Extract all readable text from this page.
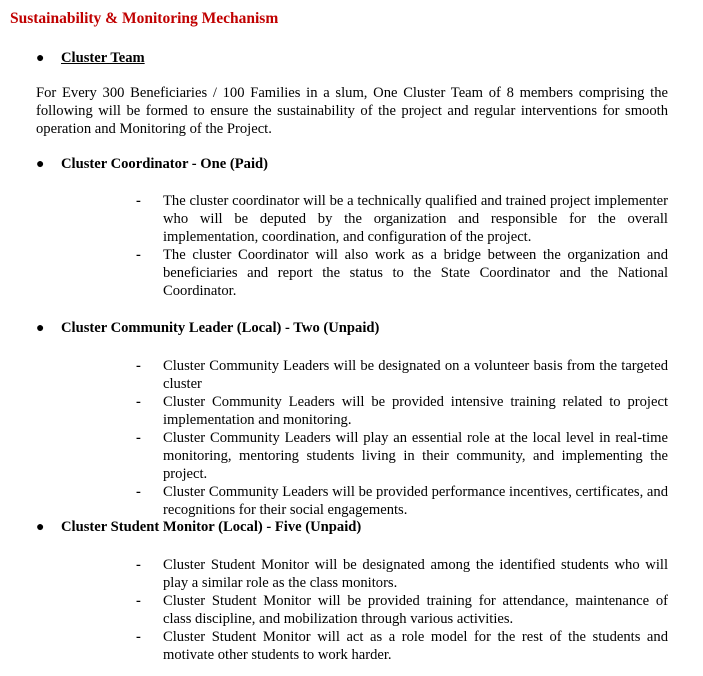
Sustainability & Monitoring Mechanism
● Cluster Team
For Every 300 Beneficiaries / 100 Families in a slum, One Cluster Team of 8 members comprising the following will be formed to ensure the sustainability of the project and regular interventions for smooth operation and Monitoring of the Project.
● Cluster Coordinator - One (Paid)
- The cluster coordinator will be a technically qualified and trained project implementer who will be deputed by the organization and responsible for the overall implementation, coordination, and configuration of the project.
- The cluster Coordinator will also work as a bridge between the organization and beneficiaries and report the status to the State Coordinator and the National Coordinator.
● Cluster Community Leader (Local) - Two (Unpaid)
- Cluster Community Leaders will be designated on a volunteer basis from the targeted cluster
- Cluster Community Leaders will be provided intensive training related to project implementation and monitoring.
- Cluster Community Leaders will play an essential role at the local level in real-time monitoring, mentoring students living in their community, and implementing the project.
- Cluster Community Leaders will be provided performance incentives, certificates, and recognitions for their social engagements.
● Cluster Student Monitor (Local) - Five (Unpaid)
- Cluster Student Monitor will be designated among the identified students who will play a similar role as the class monitors.
- Cluster Student Monitor will be provided training for attendance, maintenance of class discipline, and mobilization through various activities.
- Cluster Student Monitor will act as a role model for the rest of the students and motivate other students to work harder.
